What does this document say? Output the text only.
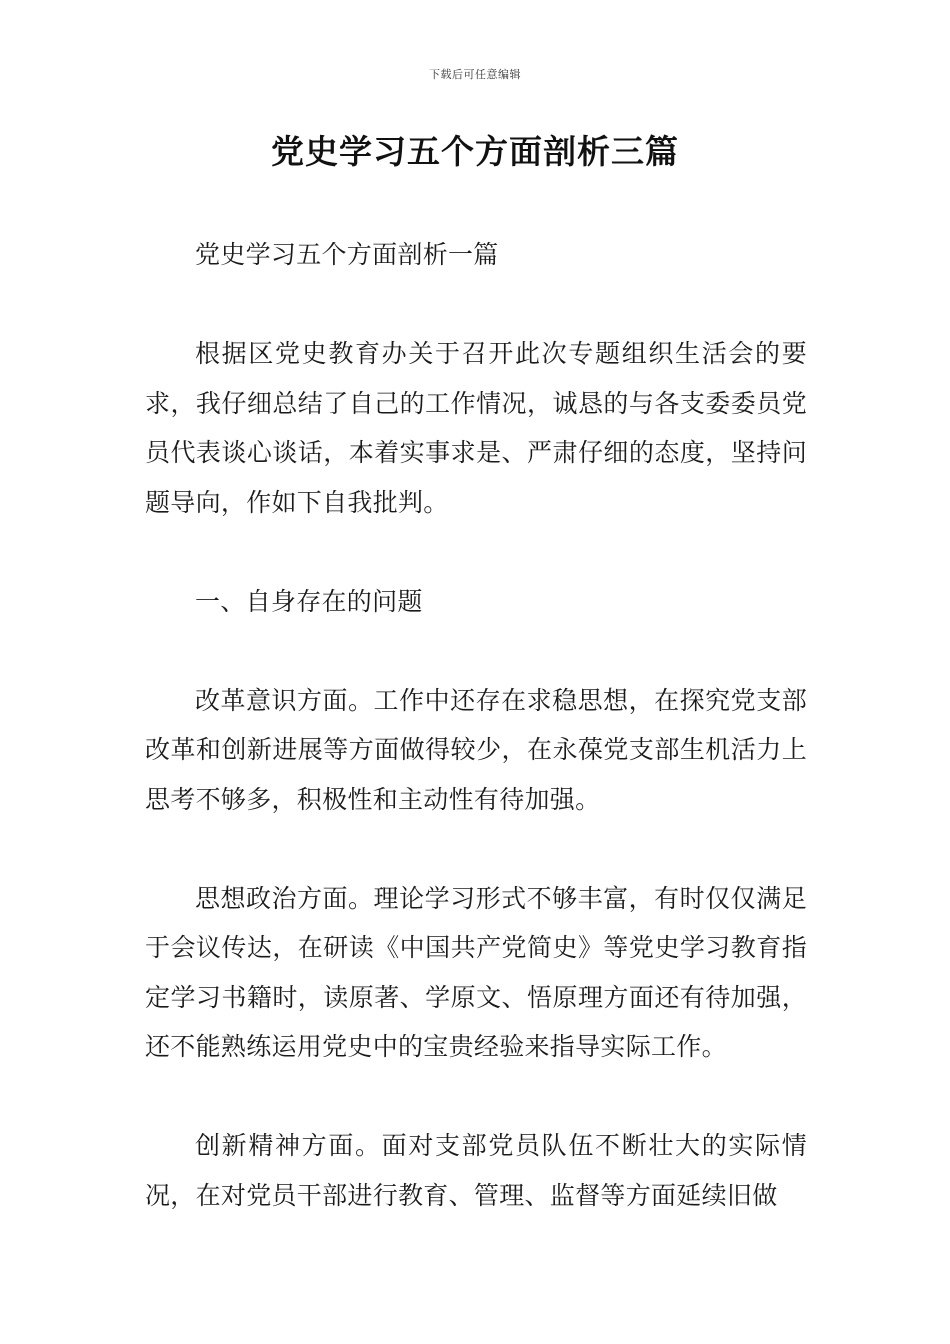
下载后可任意编辑
党史学习五个方面剖析三篇

党史学习五个方面剖析一篇

根据区党史教育办关于召开此次专题组织生活会的要求，我仔细总结了自己的工作情况，诚恳的与各支委委员党员代表谈心谈话，本着实事求是、严肃仔细的态度，坚持问题导向，作如下自我批判。

一、自身存在的问题

改革意识方面。工作中还存在求稳思想，在探究党支部改革和创新进展等方面做得较少，在永葆党支部生机活力上思考不够多，积极性和主动性有待加强。

思想政治方面。理论学习形式不够丰富，有时仅仅满足于会议传达，在研读《中国共产党简史》等党史学习教育指定学习书籍时，读原著、学原文、悟原理方面还有待加强，还不能熟练运用党史中的宝贵经验来指导实际工作。

创新精神方面。面对支部党员队伍不断壮大的实际情况，在对党员干部进行教育、管理、监督等方面延续旧做
